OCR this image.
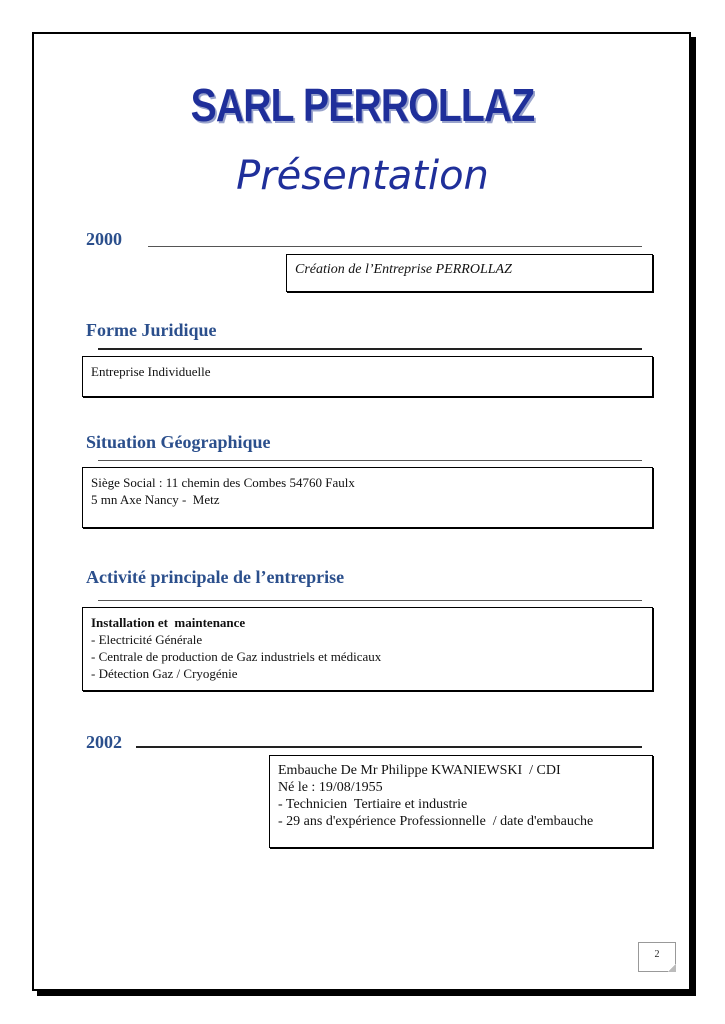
SARL PERROLLAZ
Présentation
2000
Création de l’Entreprise PERROLLAZ
Forme Juridique
Entreprise Individuelle
Situation Géographique
Siège Social : 11 chemin des Combes 54760 Faulx
5 mn Axe Nancy -  Metz
Activité principale de l’entreprise
Installation et  maintenance
- Electricité Générale
- Centrale de production de Gaz industriels et médicaux
- Détection Gaz / Cryogénie
2002
Embauche De Mr Philippe KWANIEWSKI  / CDI
Né le : 19/08/1955
- Technicien  Tertiaire et industrie
- 29 ans d'expérience Professionnelle  / date d'embauche
2
